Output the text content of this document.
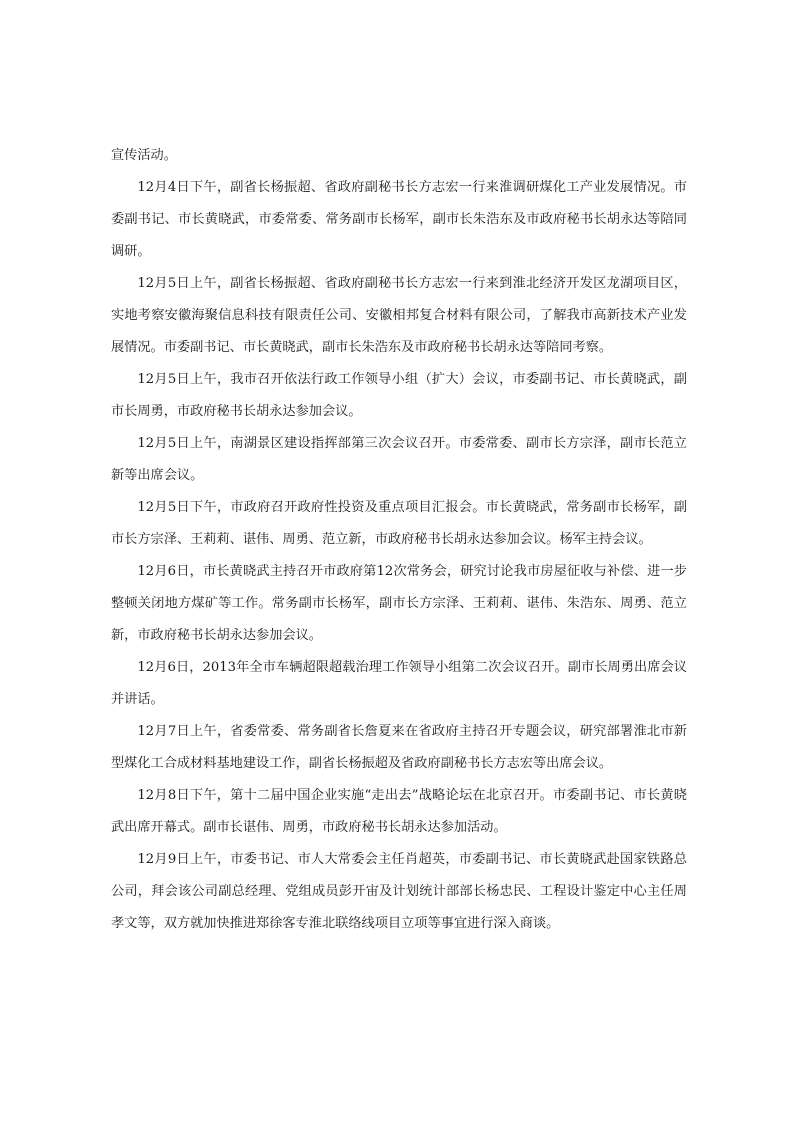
宣传活动。

12月4日下午，副省长杨振超、省政府副秘书长方志宏一行来淮调研煤化工产业发展情况。市委副书记、市长黄晓武，市委常委、常务副市长杨军，副市长朱浩东及市政府秘书长胡永达等陪同调研。

12月5日上午，副省长杨振超、省政府副秘书长方志宏一行来到淮北经济开发区龙湖项目区，实地考察安徽海聚信息科技有限责任公司、安徽相邦复合材料有限公司，了解我市高新技术产业发展情况。市委副书记、市长黄晓武，副市长朱浩东及市政府秘书长胡永达等陪同考察。

12月5日上午，我市召开依法行政工作领导小组（扩大）会议，市委副书记、市长黄晓武，副市长周勇，市政府秘书长胡永达参加会议。

12月5日上午，南湖景区建设指挥部第三次会议召开。市委常委、副市长方宗泽，副市长范立新等出席会议。

12月5日下午，市政府召开政府性投资及重点项目汇报会。市长黄晓武，常务副市长杨军，副市长方宗泽、王莉莉、谌伟、周勇、范立新，市政府秘书长胡永达参加会议。杨军主持会议。

12月6日，市长黄晓武主持召开市政府第12次常务会，研究讨论我市房屋征收与补偿、进一步整顿关闭地方煤矿等工作。常务副市长杨军，副市长方宗泽、王莉莉、谌伟、朱浩东、周勇、范立新，市政府秘书长胡永达参加会议。

12月6日，2013年全市车辆超限超载治理工作领导小组第二次会议召开。副市长周勇出席会议并讲话。

12月7日上午，省委常委、常务副省长詹夏来在省政府主持召开专题会议，研究部署淮北市新型煤化工合成材料基地建设工作，副省长杨振超及省政府副秘书长方志宏等出席会议。

12月8日下午，第十二届中国企业实施“走出去”战略论坛在北京召开。市委副书记、市长黄晓武出席开幕式。副市长谌伟、周勇，市政府秘书长胡永达参加活动。

12月9日上午，市委书记、市人大常委会主任肖超英，市委副书记、市长黄晓武赴国家铁路总公司，拜会该公司副总经理、党组成员彭开宙及计划统计部部长杨忠民、工程设计鉴定中心主任周孝文等，双方就加快推进郑徐客专淮北联络线项目立项等事宜进行深入商谈。
